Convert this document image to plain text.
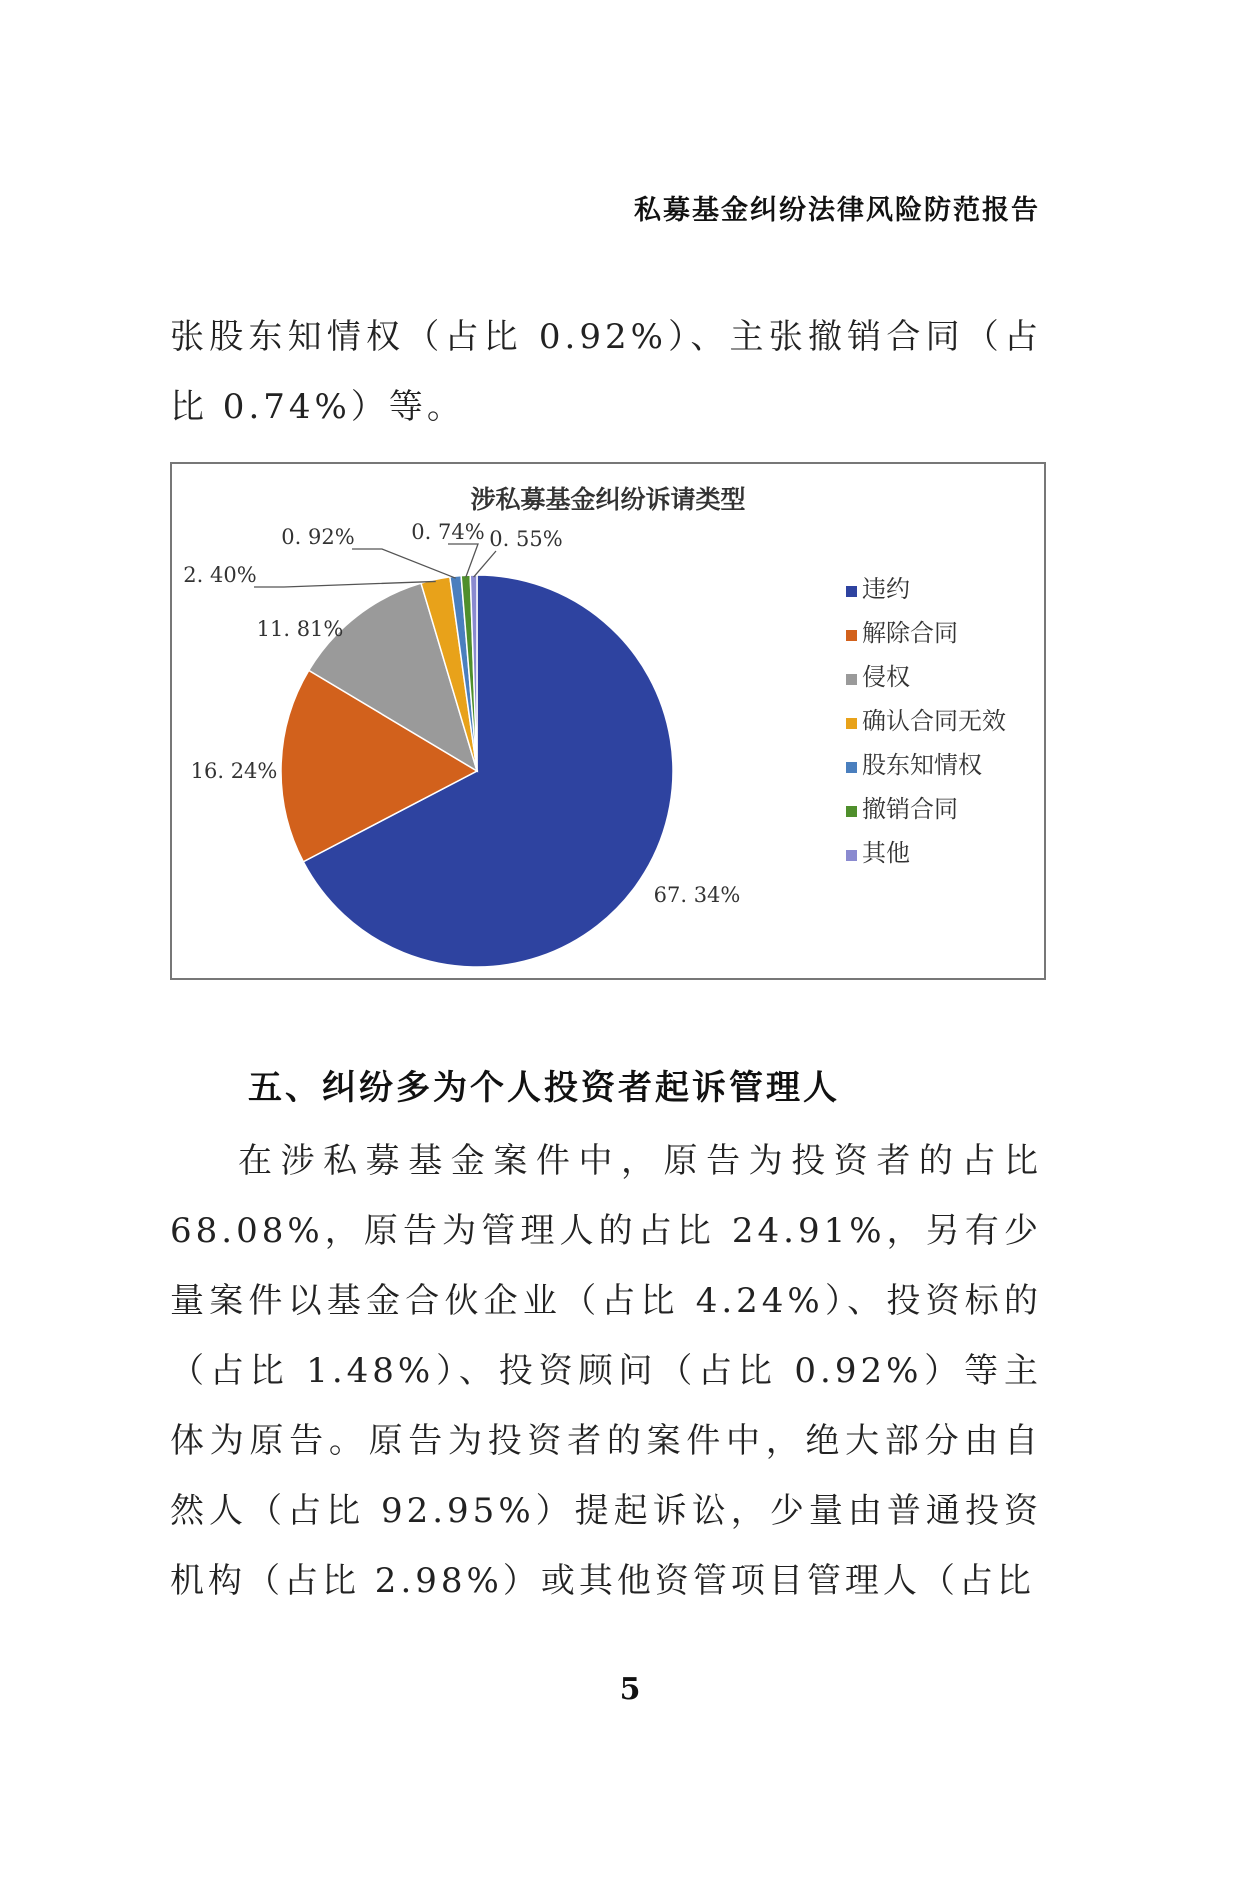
私募基金纠纷法律风险防范报告
张股东知情权（占比 0.92%）、主张撤销合同（占比 0.74%）等。
涉私募基金纠纷诉请类型
67. 34%
16. 24%
11. 81%
2. 40%
0. 92%	0. 74% 0. 55%
违约
解除合同
侵权
确认合同无效
股东知情权
撤销合同
其他
五、纠纷多为个人投资者起诉管理人
在涉私募基金案件中，原告为投资者的占比 68.08%，原告为管理人的占比 24.91%，另有少量案件以基金合伙企业（占比 4.24%）、投资标的（占比 1.48%）、投资顾问（占比 0.92%）等主体为原告。原告为投资者的案件中，绝大部分由自然人（占比 92.95%）提起诉讼，少量由普通投资机构（占比 2.98%）或其他资管项目管理人（占比
5
